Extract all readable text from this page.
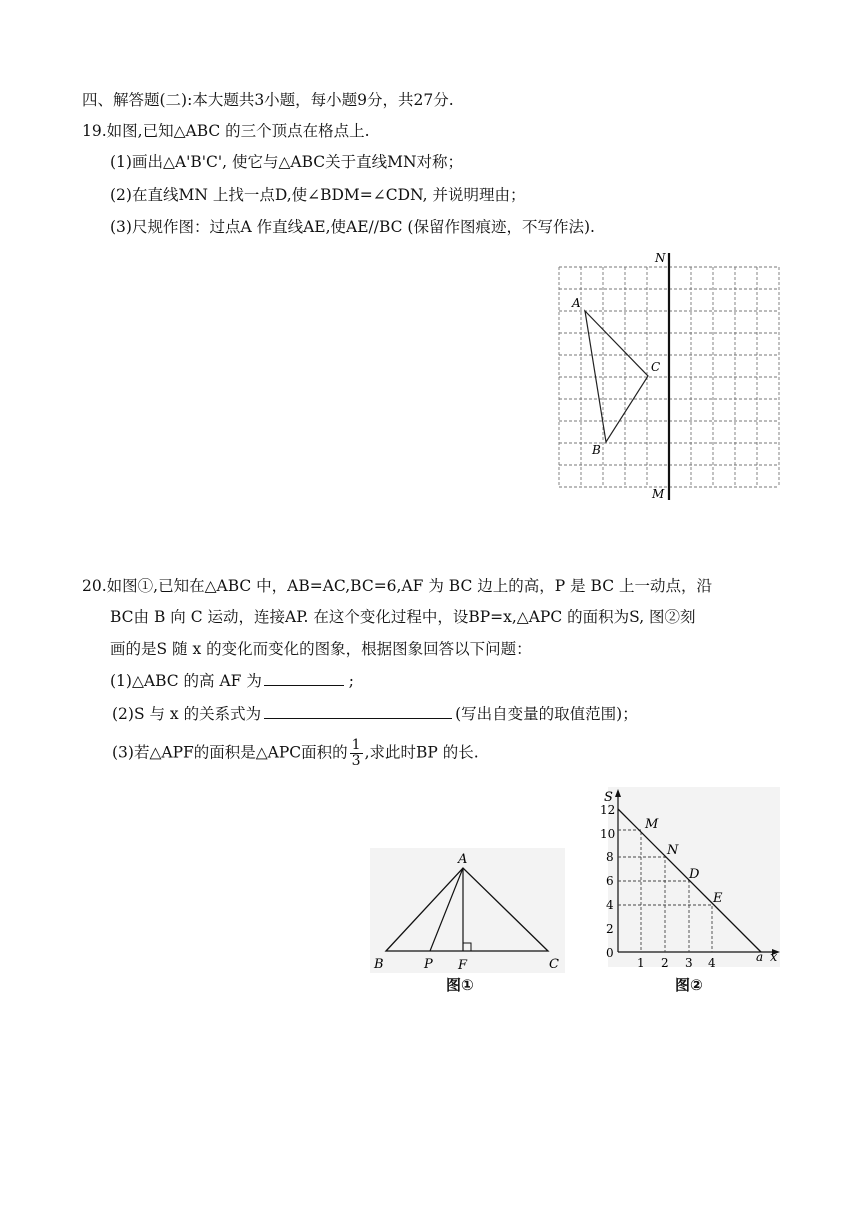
四、解答题(二):本大题共3小题，每小题9分，共27分.
19.如图,已知△ABC 的三个顶点在格点上.
(1)画出△A'B'C', 使它与△ABC关于直线MN对称；
(2)在直线MN 上找一点D,使∠BDM=∠CDN, 并说明理由；
(3)尺规作图：过点A 作直线AE,使AE//BC (保留作图痕迹，不写作法).
N
M
A
B
C
20.如图①,已知在△ABC 中，AB=AC,BC=6,AF 为 BC 边上的高，P 是 BC 上一动点，沿
BC由 B 向 C 运动，连接AP. 在这个变化过程中，设BP=x,△APC 的面积为S, 图②刻
画的是S 随 x 的变化而变化的图象，根据图象回答以下问题：
(1)△ABC 的高 AF 为	;
(2)S 与 x 的关系式为	(写出自变量的取值范围)；
(3)若△APF的面积是△APC面积的 $\frac{1}{3}$ ,求此时BP 的长.
A
B	P F	C
图①
S
x
0
2
4
6
8
10
12
1 2 3 4	a
M
N
D
E
图②
